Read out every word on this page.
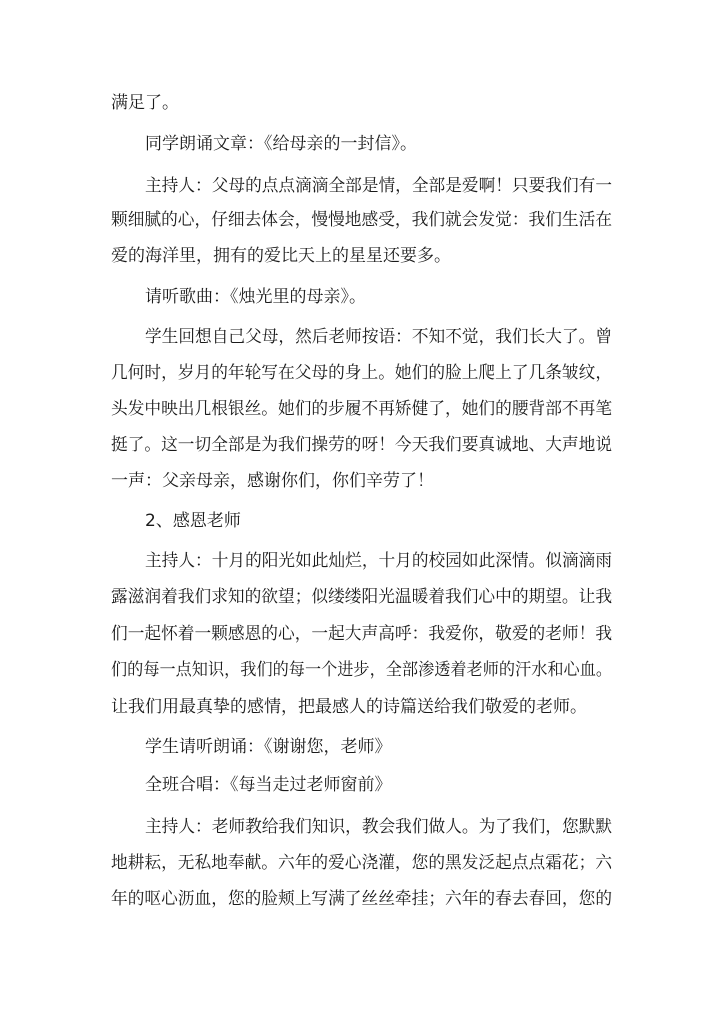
满足了。
同学朗诵文章：《给母亲的一封信》。
主持人：父母的点点滴滴全部是情，全部是爱啊！只要我们有一
颗细腻的心，仔细去体会，慢慢地感受，我们就会发觉：我们生活在
爱的海洋里，拥有的爱比天上的星星还要多。
请听歌曲：《烛光里的母亲》。
学生回想自己父母，然后老师按语：不知不觉，我们长大了。曾
几何时，岁月的年轮写在父母的身上。她们的脸上爬上了几条皱纹，
头发中映出几根银丝。她们的步履不再矫健了，她们的腰背部不再笔
挺了。这一切全部是为我们操劳的呀！今天我们要真诚地、大声地说
一声：父亲母亲，感谢你们，你们辛劳了！
2、感恩老师
主持人：十月的阳光如此灿烂，十月的校园如此深情。似滴滴雨
露滋润着我们求知的欲望；似缕缕阳光温暖着我们心中的期望。让我
们一起怀着一颗感恩的心，一起大声高呼：我爱你，敬爱的老师！我
们的每一点知识，我们的每一个进步，全部渗透着老师的汗水和心血。
让我们用最真挚的感情，把最感人的诗篇送给我们敬爱的老师。
学生请听朗诵：《谢谢您，老师》
全班合唱：《每当走过老师窗前》
主持人：老师教给我们知识，教会我们做人。为了我们，您默默
地耕耘，无私地奉献。六年的爱心浇灌，您的黑发泛起点点霜花；六
年的呕心沥血，您的脸颊上写满了丝丝牵挂；六年的春去春回，您的
